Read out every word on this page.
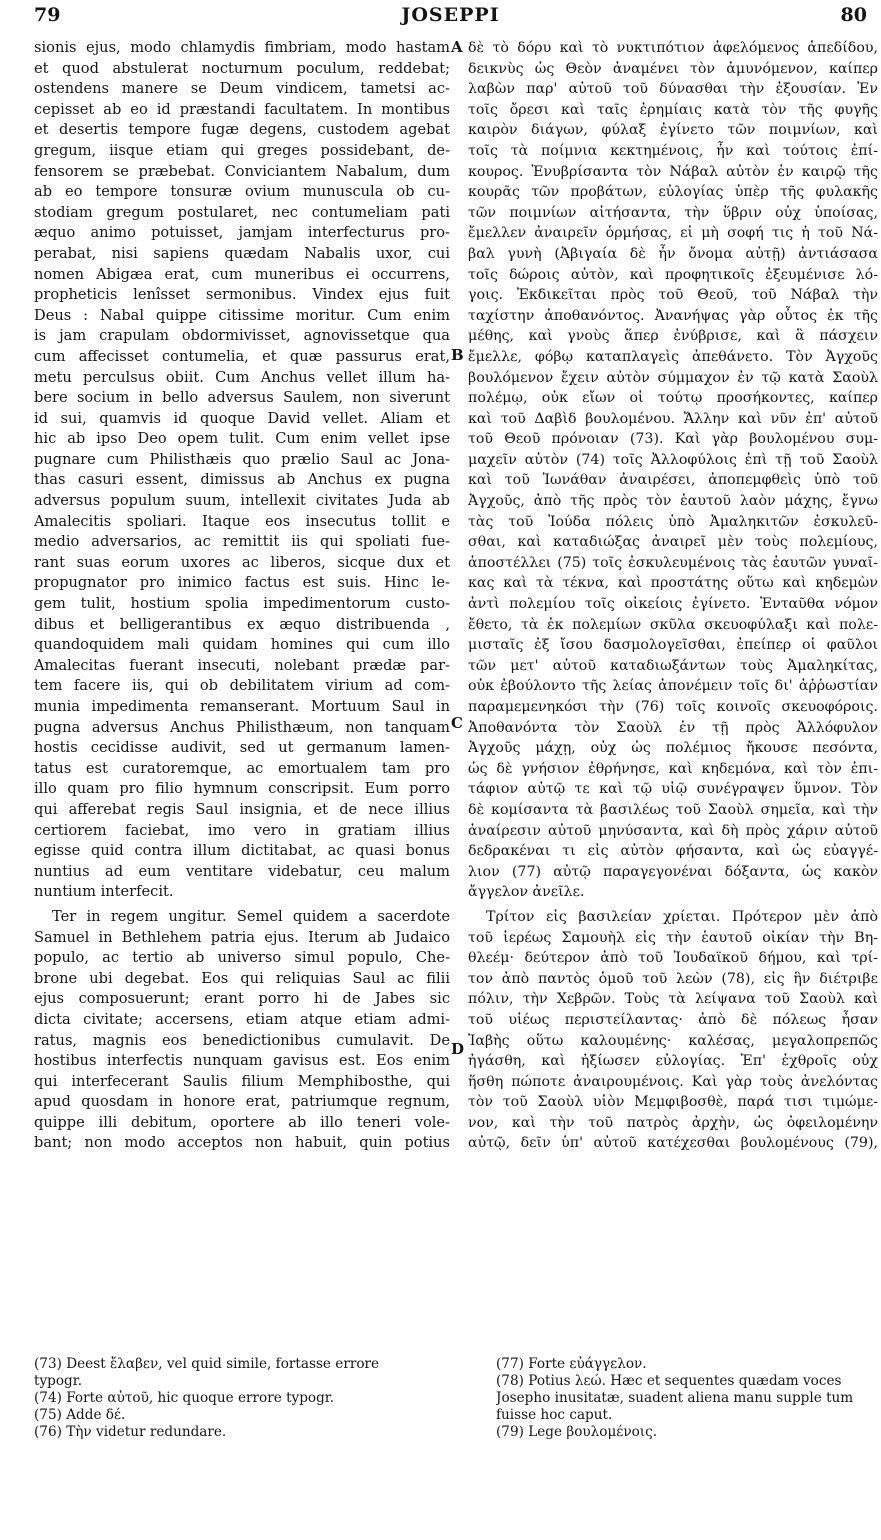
79	JOSEPPI	80
sionis ejus, modo chlamydis fimbriam, modo hastam
et quod abstulerat nocturnum poculum, reddebat;
ostendens manere se Deum vindicem, tametsi ac-
cepisset ab eo id præstandi facultatem. In montibus
et desertis tempore fugæ degens, custodem agebat
gregum, iisque etiam qui greges possidebant, de-
fensorem se præbebat. Conviciantem Nabalum, dum
ab eo tempore tonsuræ ovium munuscula ob cu-
stodiam gregum postularet, nec contumeliam pati
æquo animo potuisset, jamjam interfecturus pro-
perabat, nisi sapiens quædam Nabalis uxor, cui
nomen Abigæa erat, cum muneribus ei occurrens,
propheticis lenîsset sermonibus. Vindex ejus fuit
Deus : Nabal quippe citissime moritur. Cum enim
is jam crapulam obdormivisset, agnovissetque qua
cum affecisset contumelia, et quæ passurus erat,
metu perculsus obiit. Cum Anchus vellet illum ha-
bere socium in bello adversus Saulem, non siverunt
id sui, quamvis id quoque David vellet. Aliam et
hic ab ipso Deo opem tulit. Cum enim vellet ipse
pugnare cum Philisthæis quo prælio Saul ac Jona-
thas casuri essent, dimissus ab Anchus ex pugna
adversus populum suum, intellexit civitates Juda ab
Amalecitis spoliari. Itaque eos insecutus tollit e
medio adversarios, ac remittit iis qui spoliati fue-
rant suas eorum uxores ac liberos, sicque dux et
propugnator pro inimico factus est suis. Hinc le-
gem tulit, hostium spolia impedimentorum custo-
dibus et belligerantibus ex æquo distribuenda ,
quandoquidem mali quidam homines qui cum illo
Amalecitas fuerant insecuti, nolebant prædæ par-
tem facere iis, qui ob debilitatem virium ad com-
munia impedimenta remanserant. Mortuum Saul in
pugna adversus Anchus Philisthæum, non tanquam
hostis cecidisse audivit, sed ut germanum lamen-
tatus est curatoremque, ac emortualem tam pro
illo quam pro filio hymnum conscripsit. Eum porro
qui afferebat regis Saul insignia, et de nece illius
certiorem faciebat, imo vero in gratiam illius
egisse quid contra illum dictitabat, ac quasi bonus
nuntius ad eum ventitare videbatur, ceu malum
nuntium interfecit.
Ter in regem ungitur. Semel quidem a sacerdote
Samuel in Bethlehem patria ejus. Iterum ab Judaico
populo, ac tertio ab universo simul populo, Che-
brone ubi degebat. Eos qui reliquias Saul ac filii
ejus composuerunt; erant porro hi de Jabes sic
dicta civitate; accersens, etiam atque etiam admi-
ratus, magnis eos benedictionibus cumulavit. De
hostibus interfectis nunquam gavisus est. Eos enim
qui interfecerant Saulis filium Memphibosthe, qui
apud quosdam in honore erat, patriumque regnum,
quippe illi debitum, oportere ab illo teneri vole-
bant; non modo acceptos non habuit, quin potius
δὲ τὸ δόρυ καὶ τὸ νυκτιπότιον ἀφελόμενος ἀπεδίδου,
δεικνὺς ὡς Θεὸν ἀναμένει τὸν ἀμυνόμενον, καίπερ
λαβὼν παρ' αὐτοῦ τοῦ δύνασθαι τὴν ἐξουσίαν. Ἐν
τοῖς ὄρεσι καὶ ταῖς ἐρημίαις κατὰ τὸν τῆς φυγῆς
καιρὸν διάγων, φύλαξ ἐγίνετο τῶν ποιμνίων, καὶ
τοῖς τὰ ποίμνια κεκτημένοις, ἦν καὶ τούτοις ἐπί-
κουρος. Ἐνυβρίσαντα τὸν Νάβαλ αὐτὸν ἐν καιρῷ τῆς
κουρᾶς τῶν προβάτων, εὐλογίας ὑπὲρ τῆς φυλακῆς
τῶν ποιμνίων αἰτήσαντα, τὴν ὕβριν οὐχ ὑποίσας,
ἔμελλεν ἀναιρεῖν ὁρμήσας, εἰ μὴ σοφή τις ἡ τοῦ Νά-
βαλ γυνὴ (Ἀβιγαία δὲ ἦν ὄνομα αὐτῇ) ἀντιάσασα
τοῖς δώροις αὐτὸν, καὶ προφητικοῖς ἐξευμένισε λό-
γοις. Ἐκδικεῖται πρὸς τοῦ Θεοῦ, τοῦ Νάβαλ τὴν
ταχίστην ἀποθανόντος. Ἀνανήψας γὰρ οὗτος ἐκ τῆς
μέθης, καὶ γνοὺς ἅπερ ἐνύβρισε, καὶ ἃ πάσχειν
ἔμελλε, φόβῳ καταπλαγεὶς ἀπεθάνετο. Τὸν Ἀγχοῦς
βουλόμενον ἔχειν αὐτὸν σύμμαχον ἐν τῷ κατὰ Σαοὺλ
πολέμῳ, οὐκ εἴων οἱ τούτῳ προσήκοντες, καίπερ
καὶ τοῦ Δαβὶδ βουλομένου. Ἄλλην καὶ νῦν ἐπ' αὐτοῦ
τοῦ Θεοῦ πρόνοιαν (73). Καὶ γὰρ βουλομένου συμ-
μαχεῖν αὐτὸν (74) τοῖς Ἀλλοφύλοις ἐπὶ τῇ τοῦ Σαοὺλ
καὶ τοῦ Ἰωνάθαν ἀναιρέσει, ἀποπεμφθεὶς ὑπὸ τοῦ
Ἀγχοῦς, ἀπὸ τῆς πρὸς τὸν ἑαυτοῦ λαὸν μάχης, ἔγνω
τὰς τοῦ Ἰούδα πόλεις ὑπὸ Ἀμαληκιτῶν ἐσκυλεῦ-
σθαι, καὶ καταδιώξας ἀναιρεῖ μὲν τοὺς πολεμίους,
ἀποστέλλει (75) τοῖς ἐσκυλευμένοις τὰς ἑαυτῶν γυναῖ-
κας καὶ τὰ τέκνα, καὶ προστάτης οὕτω καὶ κηδεμὼν
ἀντὶ πολεμίου τοῖς οἰκείοις ἐγίνετο. Ἐνταῦθα νόμον
ἔθετο, τὰ ἐκ πολεμίων σκῦλα σκευοφύλαξι καὶ πολε-
μισταῖς ἐξ ἴσου δασμολογεῖσθαι, ἐπείπερ οἱ φαῦλοι
τῶν μετ' αὐτοῦ καταδιωξάντων τοὺς Ἀμαληκίτας,
οὐκ ἐβούλοντο τῆς λείας ἀπονέμειν τοῖς δι' ἀῤῥωστίαν
παραμεμενηκόσι τὴν (76) τοῖς κοινοῖς σκευοφόροις.
Ἀποθανόντα τὸν Σαοὺλ ἐν τῇ πρὸς Ἀλλόφυλον
Ἀγχοῦς μάχῃ, οὐχ ὡς πολέμιος ἤκουσε πεσόντα,
ὡς δὲ γνήσιον ἐθρήνησε, καὶ κηδεμόνα, καὶ τὸν ἐπι-
τάφιον αὐτῷ τε καὶ τῷ υἱῷ συνέγραψεν ὕμνον. Τὸν
δὲ κομίσαντα τὰ βασιλέως τοῦ Σαοὺλ σημεῖα, καὶ τὴν
ἀναίρεσιν αὐτοῦ μηνύσαντα, καὶ δὴ πρὸς χάριν αὐτοῦ
δεδρακέναι τι εἰς αὐτὸν φήσαντα, καὶ ὡς εὐαγγέ-
λιον (77) αὐτῷ παραγεγονέναι δόξαντα, ὡς κακὸν
ἄγγελον ἀνεῖλε.
Τρίτον εἰς βασιλείαν χρίεται. Πρότερον μὲν ἀπὸ
τοῦ ἱερέως Σαμουὴλ εἰς τὴν ἑαυτοῦ οἰκίαν τὴν Βη-
θλεέμ· δεύτερον ἀπὸ τοῦ Ἰουδαϊκοῦ δήμου, καὶ τρί-
τον ἀπὸ παντὸς ὁμοῦ τοῦ λεὼν (78), εἰς ἣν διέτριβε
πόλιν, τὴν Χεβρῶν. Τοὺς τὰ λείψανα τοῦ Σαοὺλ καὶ
τοῦ υἱέως περιστείλαντας· ἀπὸ δὲ πόλεως ἦσαν
Ἰαβὴς οὕτω καλουμένης· καλέσας, μεγαλοπρεπῶς
ἠγάσθη, καὶ ἠξίωσεν εὐλογίας. Ἐπ' ἐχθροῖς οὐχ
ἥσθη πώποτε ἀναιρουμένοις. Καὶ γὰρ τοὺς ἀνελόντας
τὸν τοῦ Σαοὺλ υἱὸν Μεμφιβοσθὲ, παρά τισι τιμώμε-
νον, καὶ τὴν τοῦ πατρὸς ἀρχὴν, ὡς ὀφειλομένην
αὐτῷ, δεῖν ὑπ' αὐτοῦ κατέχεσθαι βουλομένους (79),
A
B
C
D
(73) Deest ἔλαβεν, vel quid simile, fortasse errore
typogr.
(74) Forte αὐτοῦ, hic quoque errore typogr.
(75) Adde δέ.
(76) Τὴν videtur redundare.
(77) Forte εὐάγγελον.
(78) Potius λεώ. Hæc et sequentes quædam voces
Josepho inusitatæ, suadent aliena manu supple tum
fuisse hoc caput.
(79) Lege βουλομένοις.
